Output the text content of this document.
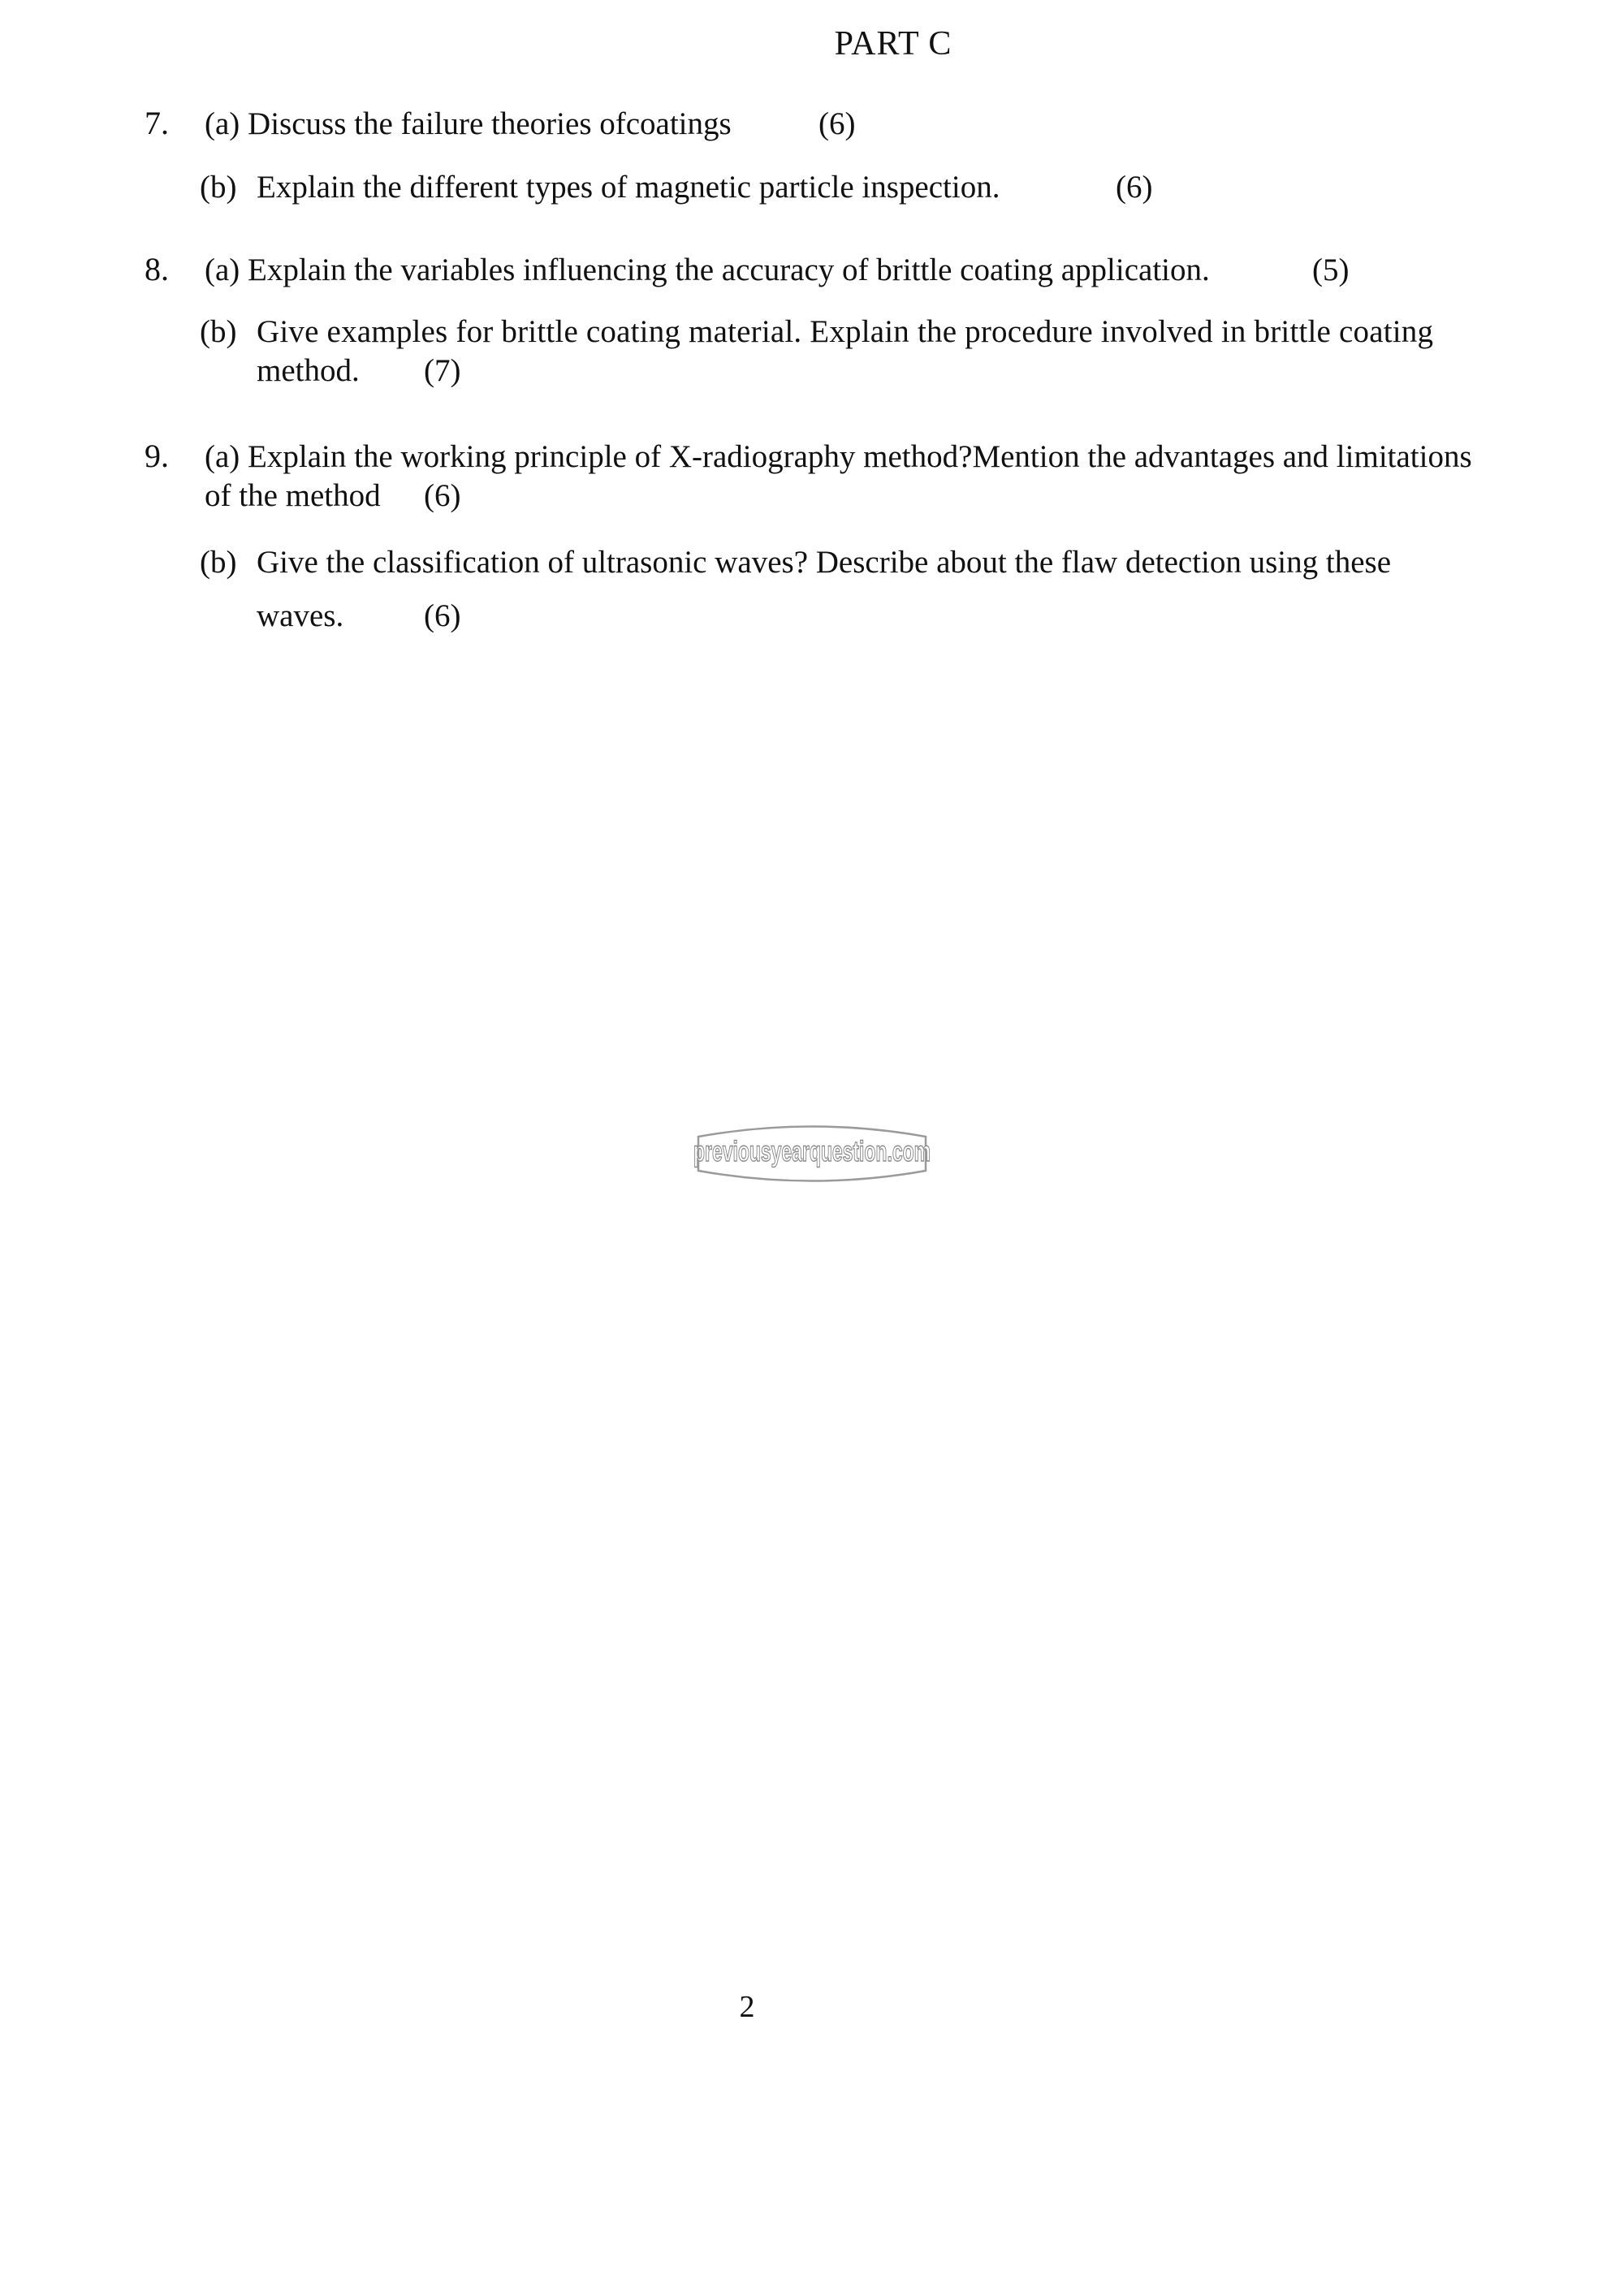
PART C
7. (a) Discuss the failure theories ofcoatings	(6)
(b) Explain the different types of magnetic particle inspection.	(6)
8. (a) Explain the variables influencing the accuracy of brittle coating application.	(5)
(b) Give examples for brittle coating material. Explain the procedure involved in brittle coating
method. (7)
9. (a) Explain the working principle of X-radiography method?Mention the advantages and limitations
of the method (6)
(b) Give the classification of ultrasonic waves? Describe about the flaw detection using these
waves.	(6)
previousyearquestion.com
2
